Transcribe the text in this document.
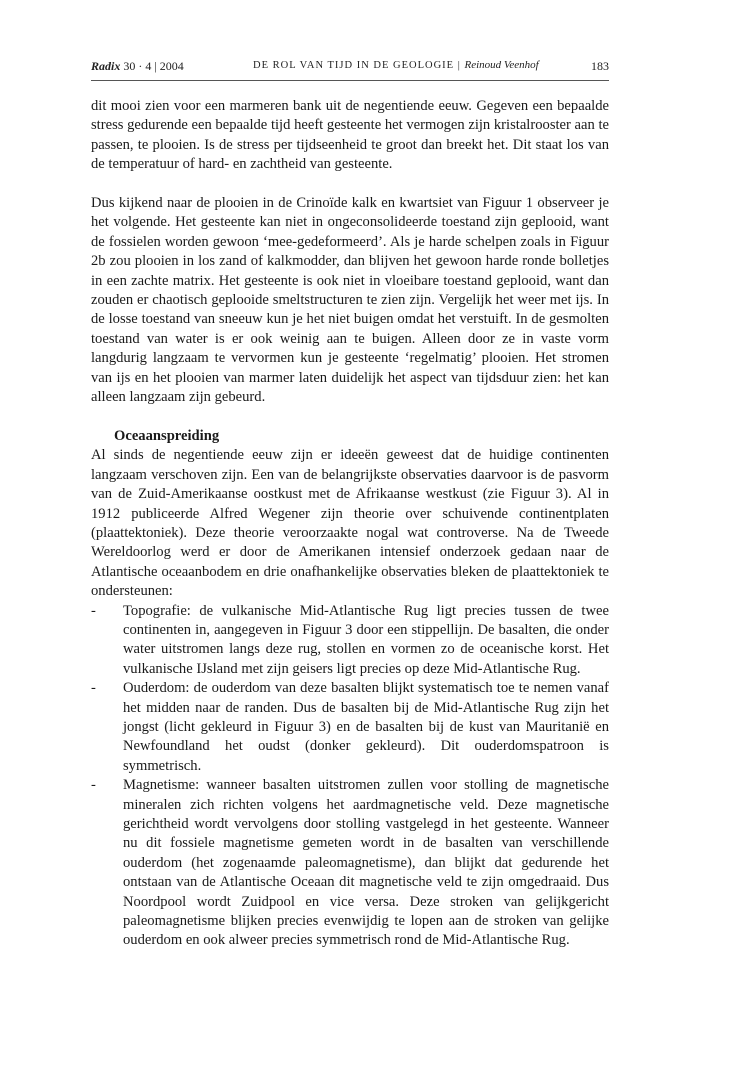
Radix 30 · 4 | 2004	DE ROL VAN TIJD IN DE GEOLOGIE | Reinoud Veenhof	183

dit mooi zien voor een marmeren bank uit de negentiende eeuw. Gegeven een bepaalde stress gedurende een bepaalde tijd heeft gesteente het vermogen zijn kristalrooster aan te passen, te plooien. Is de stress per tijdseenheid te groot dan breekt het. Dit staat los van de temperatuur of hard- en zachtheid van gesteente.

Dus kijkend naar de plooien in de Crinoïde kalk en kwartsiet van Figuur 1 observeer je het volgende. Het gesteente kan niet in ongeconsolideerde toestand zijn geplooid, want de fossielen worden gewoon ‘mee-gedeformeerd’. Als je harde schelpen zoals in Figuur 2b zou plooien in los zand of kalkmodder, dan blijven het gewoon harde ronde bolletjes in een zachte matrix. Het gesteente is ook niet in vloeibare toestand geplooid, want dan zouden er chaotisch geplooide smeltstructuren te zien zijn. Vergelijk het weer met ijs. In de losse toestand van sneeuw kun je het niet buigen omdat het verstuift. In de gesmolten toestand van water is er ook weinig aan te buigen. Alleen door ze in vaste vorm langdurig langzaam te vervormen kun je gesteente ‘regelmatig’ plooien. Het stromen van ijs en het plooien van marmer laten duidelijk het aspect van tijdsduur zien: het kan alleen langzaam zijn gebeurd.

Oceaanspreiding

Al sinds de negentiende eeuw zijn er ideeën geweest dat de huidige continenten langzaam verschoven zijn. Een van de belangrijkste observaties daarvoor is de pasvorm van de Zuid-Amerikaanse oostkust met de Afrikaanse westkust (zie Figuur 3). Al in 1912 publiceerde Alfred Wegener zijn theorie over schuivende continentplaten (plaattektoniek). Deze theorie veroorzaakte nogal wat controverse. Na de Tweede Wereldoorlog werd er door de Amerikanen intensief onderzoek gedaan naar de Atlantische oceaanbodem en drie onafhankelijke observaties bleken de plaattektoniek te ondersteunen:

- Topografie: de vulkanische Mid-Atlantische Rug ligt precies tussen de twee continenten in, aangegeven in Figuur 3 door een stippellijn. De basalten, die onder water uitstromen langs deze rug, stollen en vormen zo de oceanische korst. Het vulkanische IJsland met zijn geisers ligt precies op deze Mid-Atlantische Rug.
- Ouderdom: de ouderdom van deze basalten blijkt systematisch toe te nemen vanaf het midden naar de randen. Dus de basalten bij de Mid-Atlantische Rug zijn het jongst (licht gekleurd in Figuur 3) en de basalten bij de kust van Mauritanië en Newfoundland het oudst (donker gekleurd). Dit ouderdomspatroon is symmetrisch.
- Magnetisme: wanneer basalten uitstromen zullen voor stolling de magnetische mineralen zich richten volgens het aardmagnetische veld. Deze magnetische gerichtheid wordt vervolgens door stolling vastgelegd in het gesteente. Wanneer nu dit fossiele magnetisme gemeten wordt in de basalten van verschillende ouderdom (het zogenaamde paleomagnetisme), dan blijkt dat gedurende het ontstaan van de Atlantische Oceaan dit magnetische veld te zijn omgedraaid. Dus Noordpool wordt Zuidpool en vice versa. Deze stroken van gelijkgericht paleomagnetisme blijken precies evenwijdig te lopen aan de stroken van gelijke ouderdom en ook alweer precies symmetrisch rond de Mid-Atlantische Rug.
